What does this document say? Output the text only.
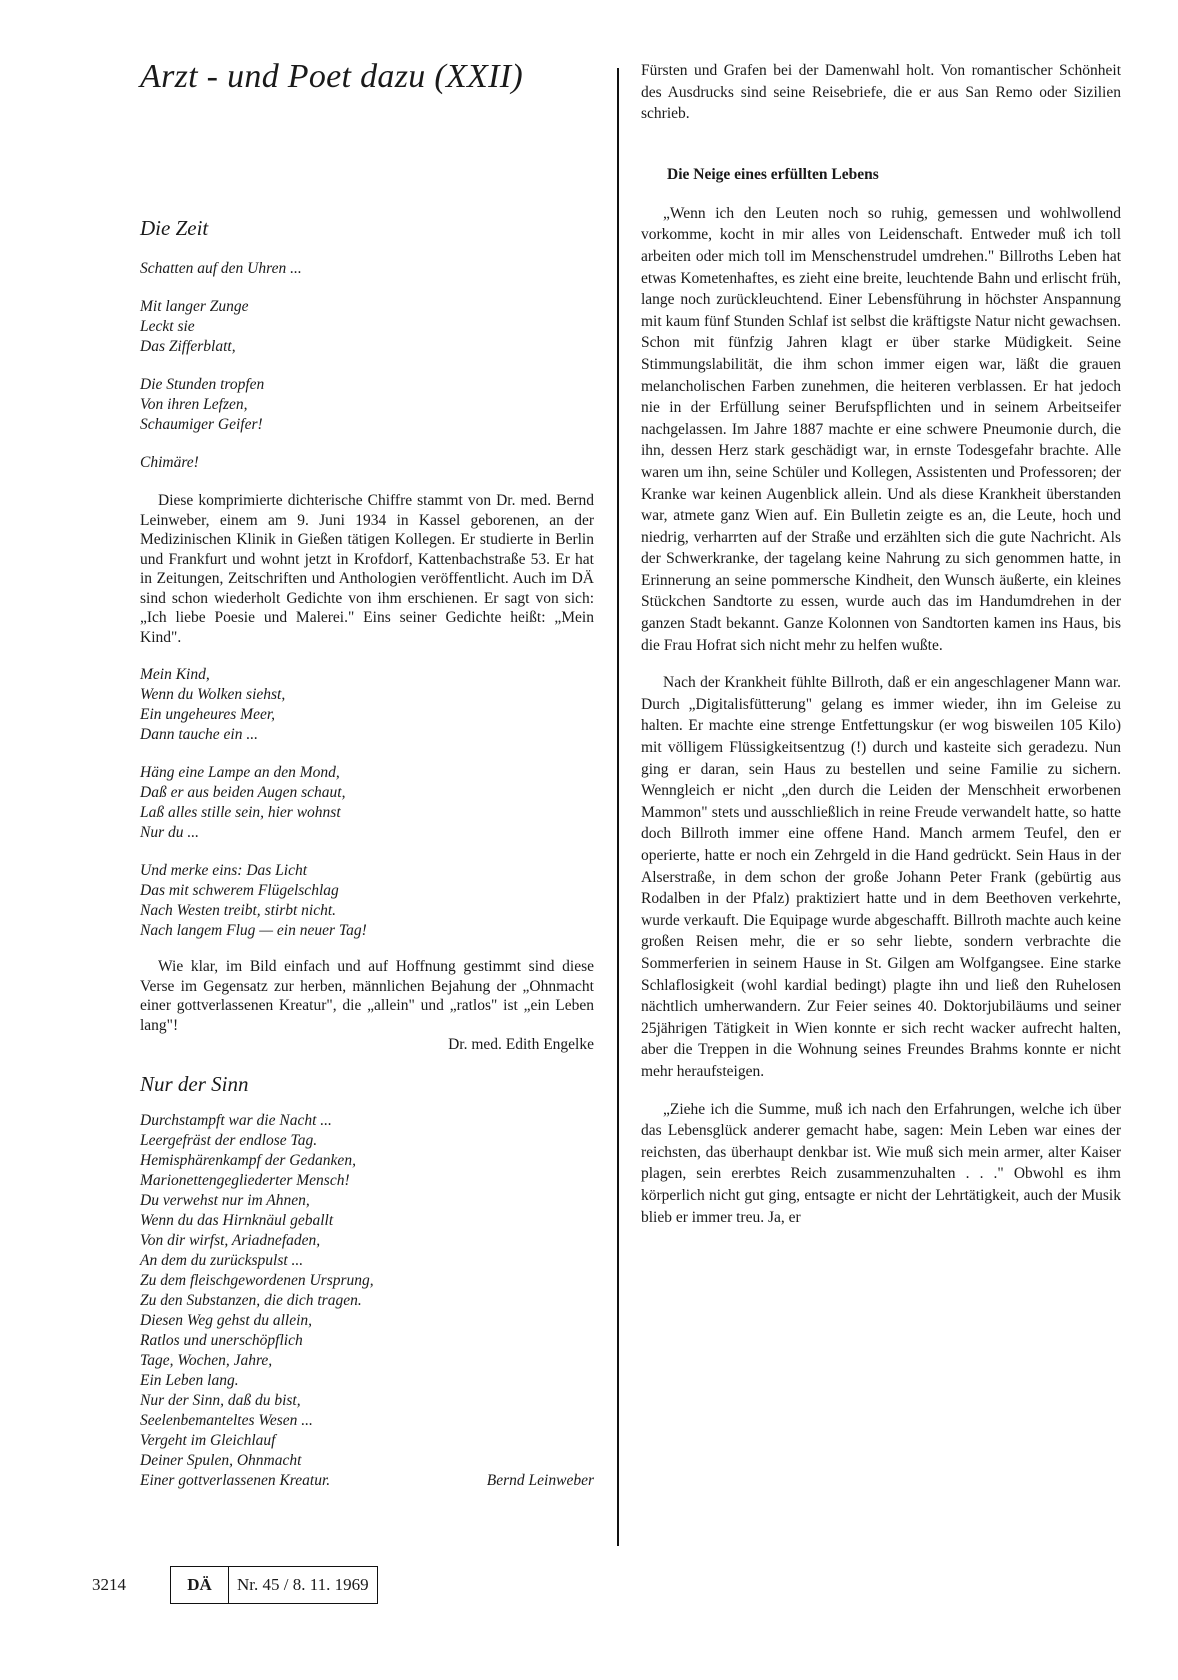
Arzt - und Poet dazu (XXII)
Die Zeit

Schatten auf den Uhren ...

Mit langer Zunge
Leckt sie
Das Zifferblatt,

Die Stunden tropfen
Von ihren Lefzen,
Schaumiger Geifer!

Chimäre!

Diese komprimierte dichterische Chiffre stammt von Dr. med. Bernd Leinweber, einem am 9. Juni 1934 in Kassel geborenen, an der Medizinischen Klinik in Gießen tätigen Kollegen. Er studierte in Berlin und Frankfurt und wohnt jetzt in Krofdorf, Kattenbachstraße 53. Er hat in Zeitungen, Zeitschriften und Anthologien veröffentlicht. Auch im DÄ sind schon wiederholt Gedichte von ihm erschienen. Er sagt von sich: „Ich liebe Poesie und Malerei." Eins seiner Gedichte heißt: „Mein Kind".

Mein Kind,
Wenn du Wolken siehst,
Ein ungeheures Meer,
Dann tauche ein ...

Häng eine Lampe an den Mond,
Daß er aus beiden Augen schaut,
Laß alles stille sein, hier wohnst
Nur du ...

Und merke eins: Das Licht
Das mit schwerem Flügelschlag
Nach Westen treibt, stirbt nicht.
Nach langem Flug — ein neuer Tag!

Wie klar, im Bild einfach und auf Hoffnung gestimmt sind diese Verse im Gegensatz zur herben, männlichen Bejahung der „Ohnmacht einer gottverlassenen Kreatur", die „allein" und „ratlos" ist „ein Leben lang"!

Dr. med. Edith Engelke

Nur der Sinn

Durchstampft war die Nacht ...
Leergefräst der endlose Tag.
Hemisphärenkampf der Gedanken,
Marionettengegliederter Mensch!
Du verwehst nur im Ahnen,
Wenn du das Hirnknäul geballt
Von dir wirfst, Ariadnefaden,
An dem du zurückspulst ...
Zu dem fleischgewordenen Ursprung,
Zu den Substanzen, die dich tragen.
Diesen Weg gehst du allein,
Ratlos und unerschöpflich
Tage, Wochen, Jahre,
Ein Leben lang.
Nur der Sinn, daß du bist,
Seelenbemanteltes Wesen ...
Vergeht im Gleichlauf
Deiner Spulen, Ohnmacht

Einer gottverlassenen Kreatur.	Bernd Leinweber

Fürsten und Grafen bei der Damenwahl holt. Von romantischer Schönheit des Ausdrucks sind seine Reisebriefe, die er aus San Remo oder Sizilien schrieb.

Die Neige eines erfüllten Lebens

„Wenn ich den Leuten noch so ruhig, gemessen und wohlwollend vorkomme, kocht in mir alles von Leidenschaft. Entweder muß ich toll arbeiten oder mich toll im Menschenstrudel umdrehen." Billroths Leben hat etwas Kometenhaftes, es zieht eine breite, leuchtende Bahn und erlischt früh, lange noch zurückleuchtend. Einer Lebensführung in höchster Anspannung mit kaum fünf Stunden Schlaf ist selbst die kräftigste Natur nicht gewachsen. Schon mit fünfzig Jahren klagt er über starke Müdigkeit. Seine Stimmungslabilität, die ihm schon immer eigen war, läßt die grauen melancholischen Farben zunehmen, die heiteren verblassen. Er hat jedoch nie in der Erfüllung seiner Berufspflichten und in seinem Arbeitseifer nachgelassen. Im Jahre 1887 machte er eine schwere Pneumonie durch, die ihn, dessen Herz stark geschädigt war, in ernste Todesgefahr brachte. Alle waren um ihn, seine Schüler und Kollegen, Assistenten und Professoren; der Kranke war keinen Augenblick allein. Und als diese Krankheit überstanden war, atmete ganz Wien auf. Ein Bulletin zeigte es an, die Leute, hoch und niedrig, verharrten auf der Straße und erzählten sich die gute Nachricht. Als der Schwerkranke, der tagelang keine Nahrung zu sich genommen hatte, in Erinnerung an seine pommersche Kindheit, den Wunsch äußerte, ein kleines Stückchen Sandtorte zu essen, wurde auch das im Handumdrehen in der ganzen Stadt bekannt. Ganze Kolonnen von Sandtorten kamen ins Haus, bis die Frau Hofrat sich nicht mehr zu helfen wußte.

Nach der Krankheit fühlte Billroth, daß er ein angeschlagener Mann war. Durch „Digitalisfütterung" gelang es immer wieder, ihn im Geleise zu halten. Er machte eine strenge Entfettungskur (er wog bisweilen 105 Kilo) mit völligem Flüssigkeitsentzug (!) durch und kasteite sich geradezu. Nun ging er daran, sein Haus zu bestellen und seine Familie zu sichern. Wenngleich er nicht „den durch die Leiden der Menschheit erworbenen Mammon" stets und ausschließlich in reine Freude verwandelt hatte, so hatte doch Billroth immer eine offene Hand. Manch armem Teufel, den er operierte, hatte er noch ein Zehrgeld in die Hand gedrückt. Sein Haus in der Alserstraße, in dem schon der große Johann Peter Frank (gebürtig aus Rodalben in der Pfalz) praktiziert hatte und in dem Beethoven verkehrte, wurde verkauft. Die Equipage wurde abgeschafft. Billroth machte auch keine großen Reisen mehr, die er so sehr liebte, sondern verbrachte die Sommerferien in seinem Hause in St. Gilgen am Wolfgangsee. Eine starke Schlaflosigkeit (wohl kardial bedingt) plagte ihn und ließ den Ruhelosen nächtlich umherwandern. Zur Feier seines 40. Doktorjubiläums und seiner 25jährigen Tätigkeit in Wien konnte er sich recht wacker aufrecht halten, aber die Treppen in die Wohnung seines Freundes Brahms konnte er nicht mehr heraufsteigen.

„Ziehe ich die Summe, muß ich nach den Erfahrungen, welche ich über das Lebensglück anderer gemacht habe, sagen: Mein Leben war eines der reichsten, das überhaupt denkbar ist. Wie muß sich mein armer, alter Kaiser plagen, sein ererbtes Reich zusammenzuhalten . . ." Obwohl es ihm körperlich nicht gut ging, entsagte er nicht der Lehrtätigkeit, auch der Musik blieb er immer treu. Ja, er

3214	DÄ	Nr. 45 / 8. 11. 1969
